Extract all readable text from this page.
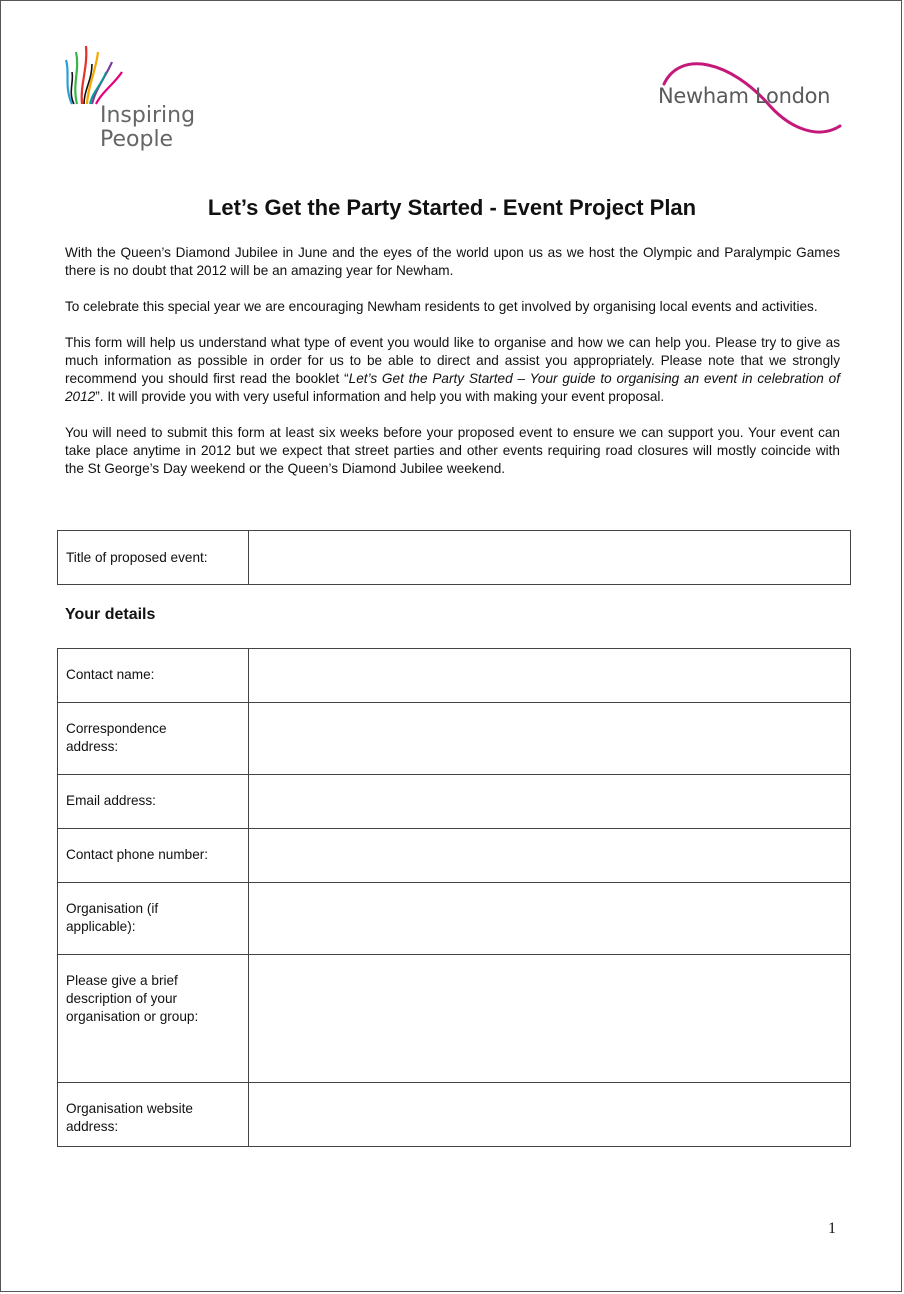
Inspiring
People
Newham London
Let’s Get the Party Started - Event Project Plan

With the Queen’s Diamond Jubilee in June and the eyes of the world upon us as we host the Olympic and Paralympic Games there is no doubt that 2012 will be an amazing year for Newham.

To celebrate this special year we are encouraging Newham residents to get involved by organising local events and activities.

This form will help us understand what type of event you would like to organise and how we can help you. Please try to give as much information as possible in order for us to be able to direct and assist you appropriately. Please note that we strongly recommend you should first read the booklet “Let’s Get the Party Started – Your guide to organising an event in celebration of 2012”. It will provide you with very useful information and help you with making your event proposal.

You will need to submit this form at least six weeks before your proposed event to ensure we can support you. Your event can take place anytime in 2012 but we expect that street parties and other events requiring road closures will mostly coincide with the St George’s Day weekend or the Queen’s Diamond Jubilee weekend.

Title of proposed event:	
Your details
Contact name:	

Correspondence address:	

Email address:	
Contact phone number:	

Organisation (if applicable):	

Please give a brief description of your organisation or group:	

Organisation website address:	

1
